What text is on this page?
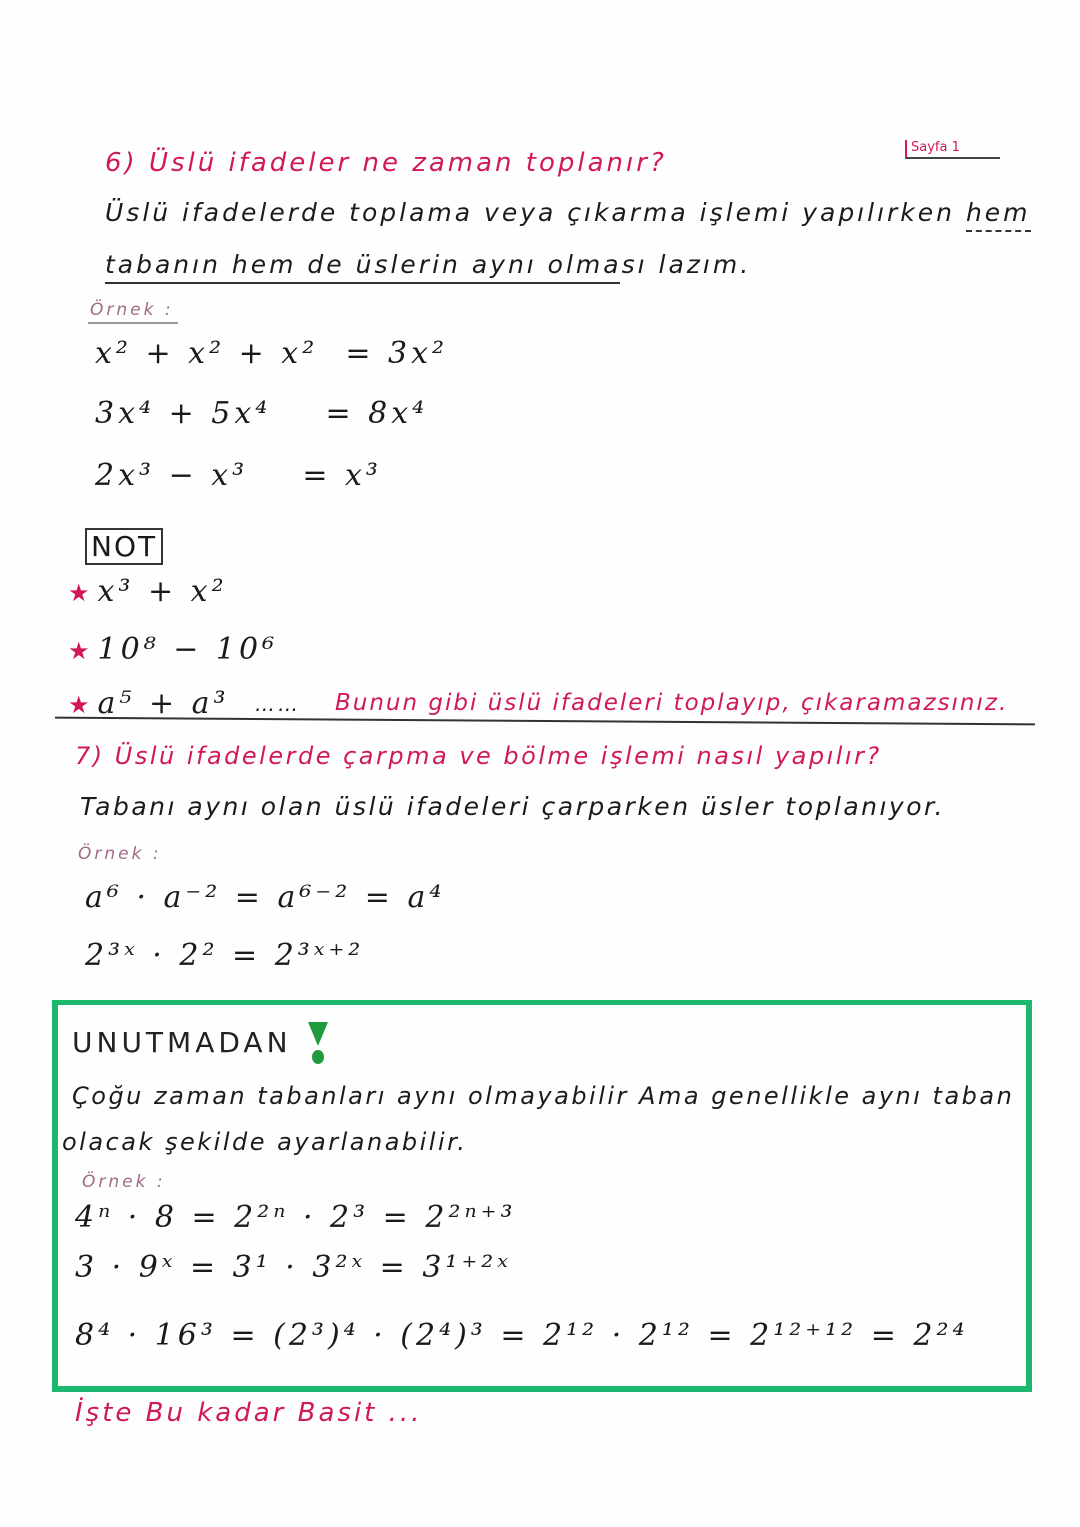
Sayfa 1
6) Üslü ifadeler ne zaman toplanır?
Üslü ifadelerde toplama veya çıkarma işlemi yapılırken hem
tabanın hem de üslerin aynı olması lazım.
Örnek :
x² + x² + x² = 3x²
3x⁴ + 5x⁴ = 8x⁴
2x³ − x³ = x³
NOT
★ x³ + x²
★ 10⁸ − 10⁶
★ a⁵ + a³ …… Bunun gibi üslü ifadeleri toplayıp, çıkaramazsınız.
7) Üslü ifadelerde çarpma ve bölme işlemi nasıl yapılır?
Tabanı aynı olan üslü ifadeleri çarparken üsler toplanıyor.
Örnek :
a⁶ · a⁻² = a⁶⁻² = a⁴
2³ˣ · 2² = 2³ˣ⁺²
UNUTMADAN
Çoğu zaman tabanları aynı olmayabilir Ama genellikle aynı taban
olacak şekilde ayarlanabilir.
Örnek :
4ⁿ · 8 = 2²ⁿ · 2³ = 2²ⁿ⁺³
3 · 9ˣ = 3¹ · 3²ˣ = 3¹⁺²ˣ
8⁴ · 16³ = (2³)⁴ · (2⁴)³ = 2¹² · 2¹² = 2¹²⁺¹² = 2²⁴
İşte Bu kadar Basit ...
